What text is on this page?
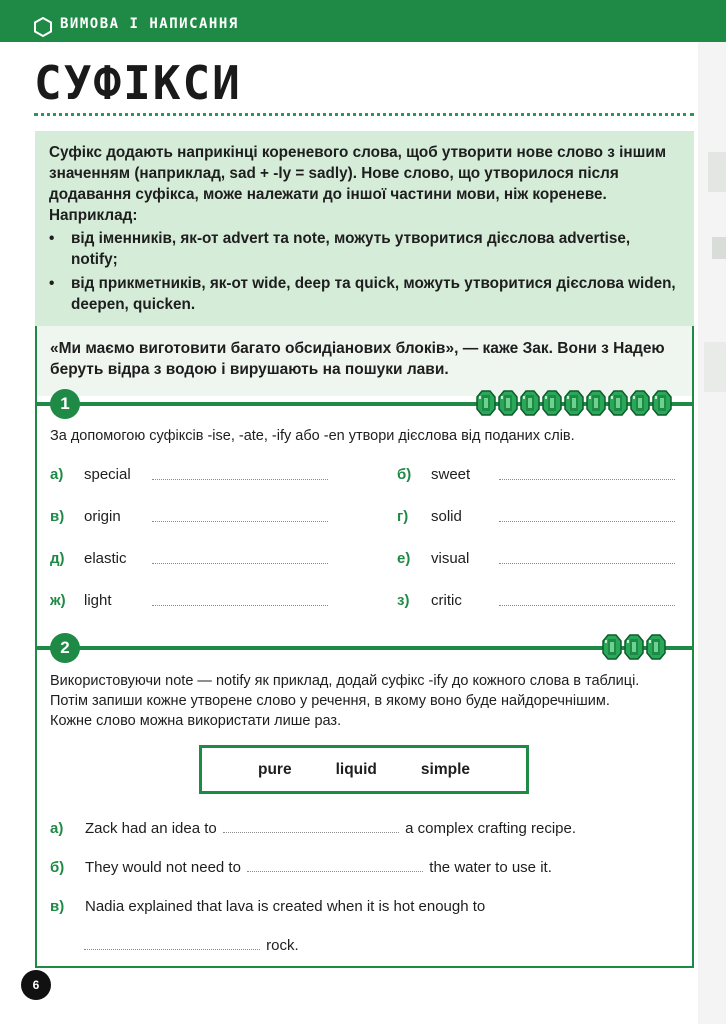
ВИМОВА І НАПИСАННЯ
СУФІКСИ

Суфікс додають наприкінці кореневого слова, щоб утворити нове слово з іншим значенням (наприклад, sad + -ly = sadly). Нове слово, що утворилося після додавання суфікса, може належати до іншої частини мови, ніж кореневе. Наприклад:

• від іменників, як-от advert та note, можуть утворитися дієслова advertise, notify;
• від прикметників, як-от wide, deep та quick, можуть утворитися дієслова widen, deepen, quicken.

«Ми маємо виготовити багато обсидіанових блоків», — каже Зак. Вони з Надею беруть відра з водою і вирушають на пошуки лави.

1

За допомогою суфіксів -ise, -ate, -ify або -en утвори дієслова від поданих слів.

а) special	б) sweet
в) origin	г) solid
д) elastic	е) visual
ж) light	з) critic
2

Використовуючи note — notify як приклад, додай суфікс -ify до кожного слова в таблиці.

Потім запиши кожне утворене слово у речення, в якому воно буде найдоречнішим.

Кожне слово можна використати лише раз.

pure	liquid	simple
а) Zack had an idea to	a complex crafting recipe.
б) They would not need to	the water to use it.
в) Nadia explained that lava is created when it is hot enough to
rock.
6
